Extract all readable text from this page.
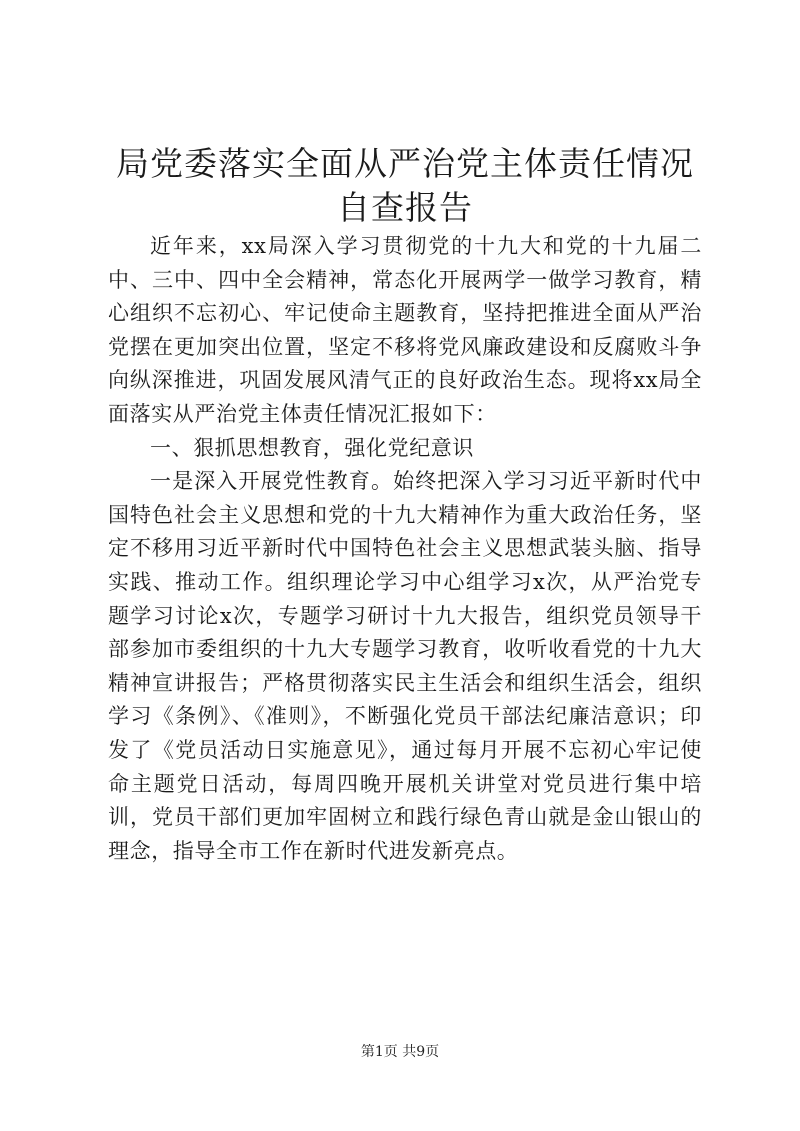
局党委落实全面从严治党主体责任情况自查报告

近年来，xx局深入学习贯彻党的十九大和党的十九届二中、三中、四中全会精神，常态化开展两学一做学习教育，精心组织不忘初心、牢记使命主题教育，坚持把推进全面从严治党摆在更加突出位置，坚定不移将党风廉政建设和反腐败斗争向纵深推进，巩固发展风清气正的良好政治生态。现将xx局全面落实从严治党主体责任情况汇报如下：

一、狠抓思想教育，强化党纪意识

一是深入开展党性教育。始终把深入学习习近平新时代中国特色社会主义思想和党的十九大精神作为重大政治任务，坚定不移用习近平新时代中国特色社会主义思想武装头脑、指导实践、推动工作。组织理论学习中心组学习x次，从严治党专题学习讨论x次，专题学习研讨十九大报告，组织党员领导干部参加市委组织的十九大专题学习教育，收听收看党的十九大精神宣讲报告；严格贯彻落实民主生活会和组织生活会，组织学习《条例》、《准则》，不断强化党员干部法纪廉洁意识；印发了《党员活动日实施意见》，通过每月开展不忘初心牢记使命主题党日活动，每周四晚开展机关讲堂对党员进行集中培训，党员干部们更加牢固树立和践行绿色青山就是金山银山的理念，指导全市工作在新时代进发新亮点。

第1页 共9页
